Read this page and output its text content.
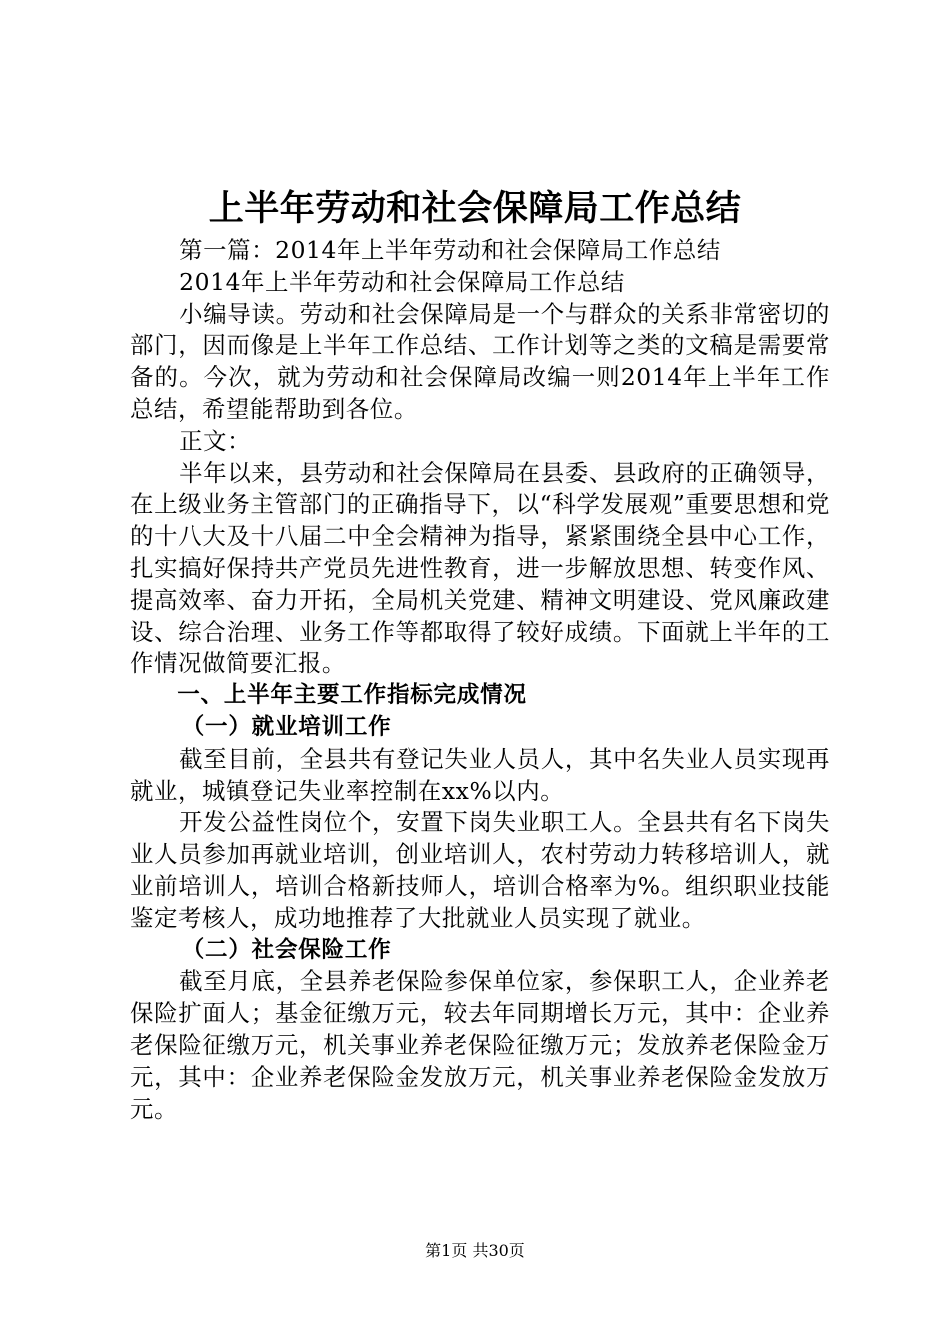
上半年劳动和社会保障局工作总结

第一篇：2014年上半年劳动和社会保障局工作总结

2014年上半年劳动和社会保障局工作总结

小编导读。劳动和社会保障局是一个与群众的关系非常密切的部门，因而像是上半年工作总结、工作计划等之类的文稿是需要常备的。今次，就为劳动和社会保障局改编一则2014年上半年工作总结，希望能帮助到各位。

正文：

半年以来，县劳动和社会保障局在县委、县政府的正确领导，在上级业务主管部门的正确指导下，以“科学发展观”重要思想和党的十八大及十八届二中全会精神为指导，紧紧围绕全县中心工作，扎实搞好保持共产党员先进性教育，进一步解放思想、转变作风、提高效率、奋力开拓，全局机关党建、精神文明建设、党风廉政建设、综合治理、业务工作等都取得了较好成绩。下面就上半年的工作情况做简要汇报。

一、上半年主要工作指标完成情况

（一）就业培训工作

截至目前，全县共有登记失业人员人，其中名失业人员实现再就业，城镇登记失业率控制在xx%以内。

开发公益性岗位个，安置下岗失业职工人。全县共有名下岗失业人员参加再就业培训，创业培训人，农村劳动力转移培训人，就业前培训人，培训合格新技师人，培训合格率为%。组织职业技能鉴定考核人，成功地推荐了大批就业人员实现了就业。

（二）社会保险工作

截至月底，全县养老保险参保单位家，参保职工人，企业养老保险扩面人；基金征缴万元，较去年同期增长万元，其中：企业养老保险征缴万元，机关事业养老保险征缴万元；发放养老保险金万元，其中：企业养老保险金发放万元，机关事业养老保险金发放万元。

第1页 共30页
